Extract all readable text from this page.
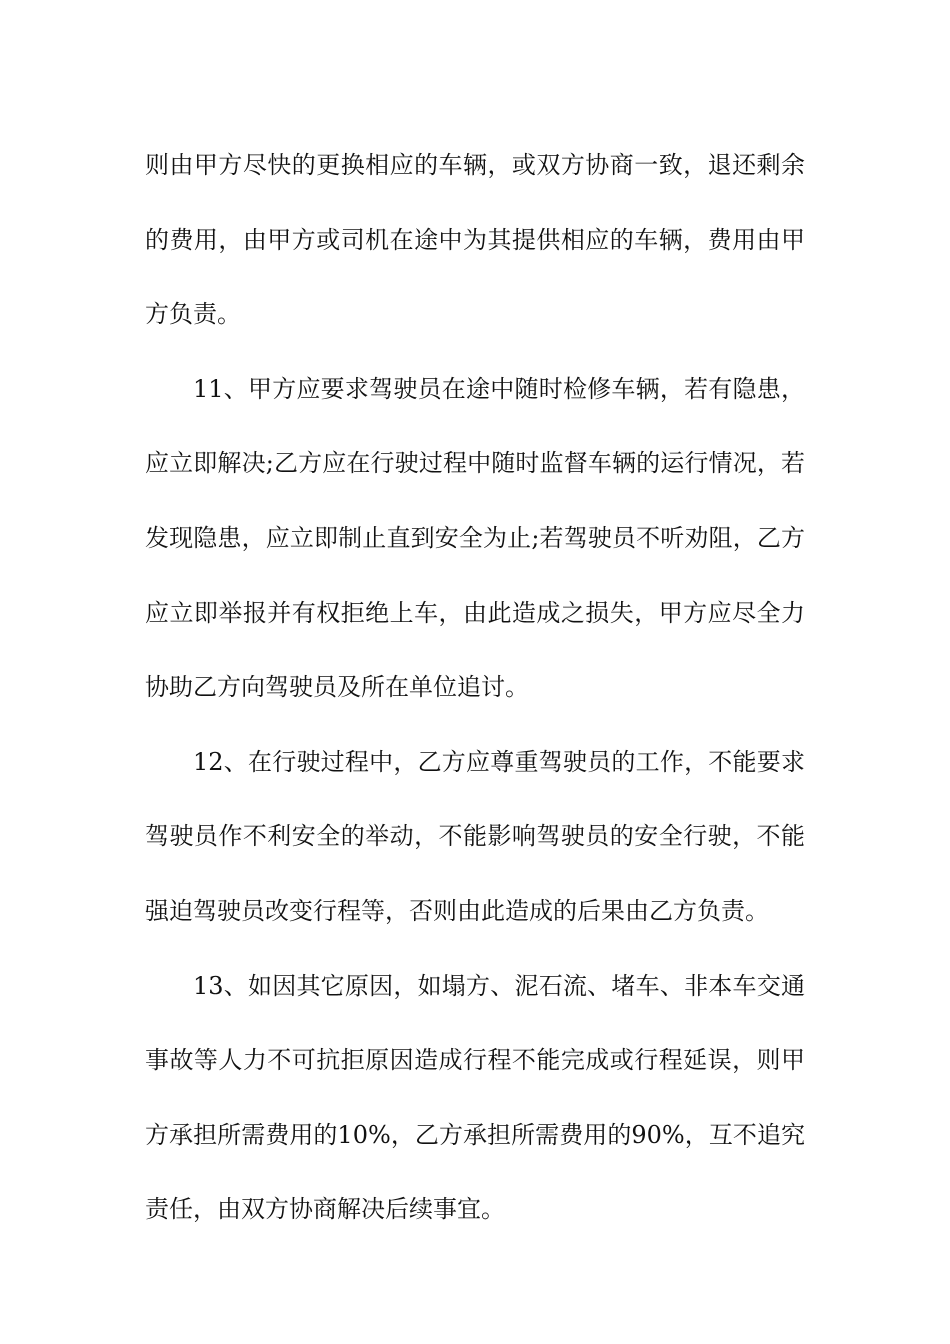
则由甲方尽快的更换相应的车辆，或双方协商一致，退还剩余的费用，由甲方或司机在途中为其提供相应的车辆，费用由甲方负责。

11、甲方应要求驾驶员在途中随时检修车辆，若有隐患，应立即解决;乙方应在行驶过程中随时监督车辆的运行情况，若发现隐患，应立即制止直到安全为止;若驾驶员不听劝阻，乙方应立即举报并有权拒绝上车，由此造成之损失，甲方应尽全力协助乙方向驾驶员及所在单位追讨。

12、在行驶过程中，乙方应尊重驾驶员的工作，不能要求驾驶员作不利安全的举动，不能影响驾驶员的安全行驶，不能强迫驾驶员改变行程等，否则由此造成的后果由乙方负责。

13、如因其它原因，如塌方、泥石流、堵车、非本车交通事故等人力不可抗拒原因造成行程不能完成或行程延误，则甲方承担所需费用的10%，乙方承担所需费用的90%，互不追究责任，由双方协商解决后续事宜。
